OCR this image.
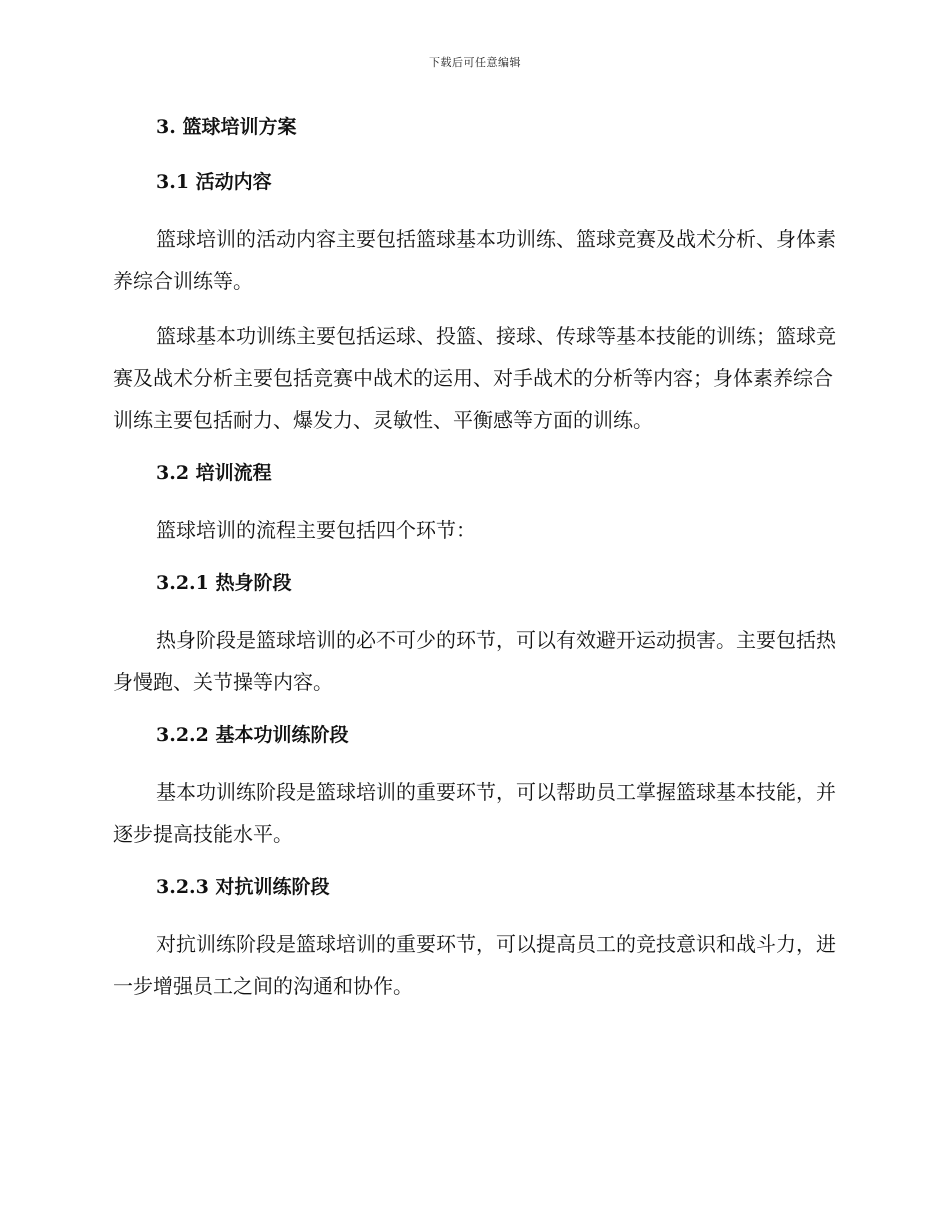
下载后可任意编辑
3. 篮球培训方案
3.1 活动内容

篮球培训的活动内容主要包括篮球基本功训练、篮球竞赛及战术分析、身体素养综合训练等。

篮球基本功训练主要包括运球、投篮、接球、传球等基本技能的训练；篮球竞赛及战术分析主要包括竞赛中战术的运用、对手战术的分析等内容；身体素养综合训练主要包括耐力、爆发力、灵敏性、平衡感等方面的训练。

3.2 培训流程

篮球培训的流程主要包括四个环节：

3.2.1 热身阶段

热身阶段是篮球培训的必不可少的环节，可以有效避开运动损害。主要包括热身慢跑、关节操等内容。

3.2.2 基本功训练阶段

基本功训练阶段是篮球培训的重要环节，可以帮助员工掌握篮球基本技能，并逐步提高技能水平。

3.2.3 对抗训练阶段

对抗训练阶段是篮球培训的重要环节，可以提高员工的竞技意识和战斗力，进一步增强员工之间的沟通和协作。
